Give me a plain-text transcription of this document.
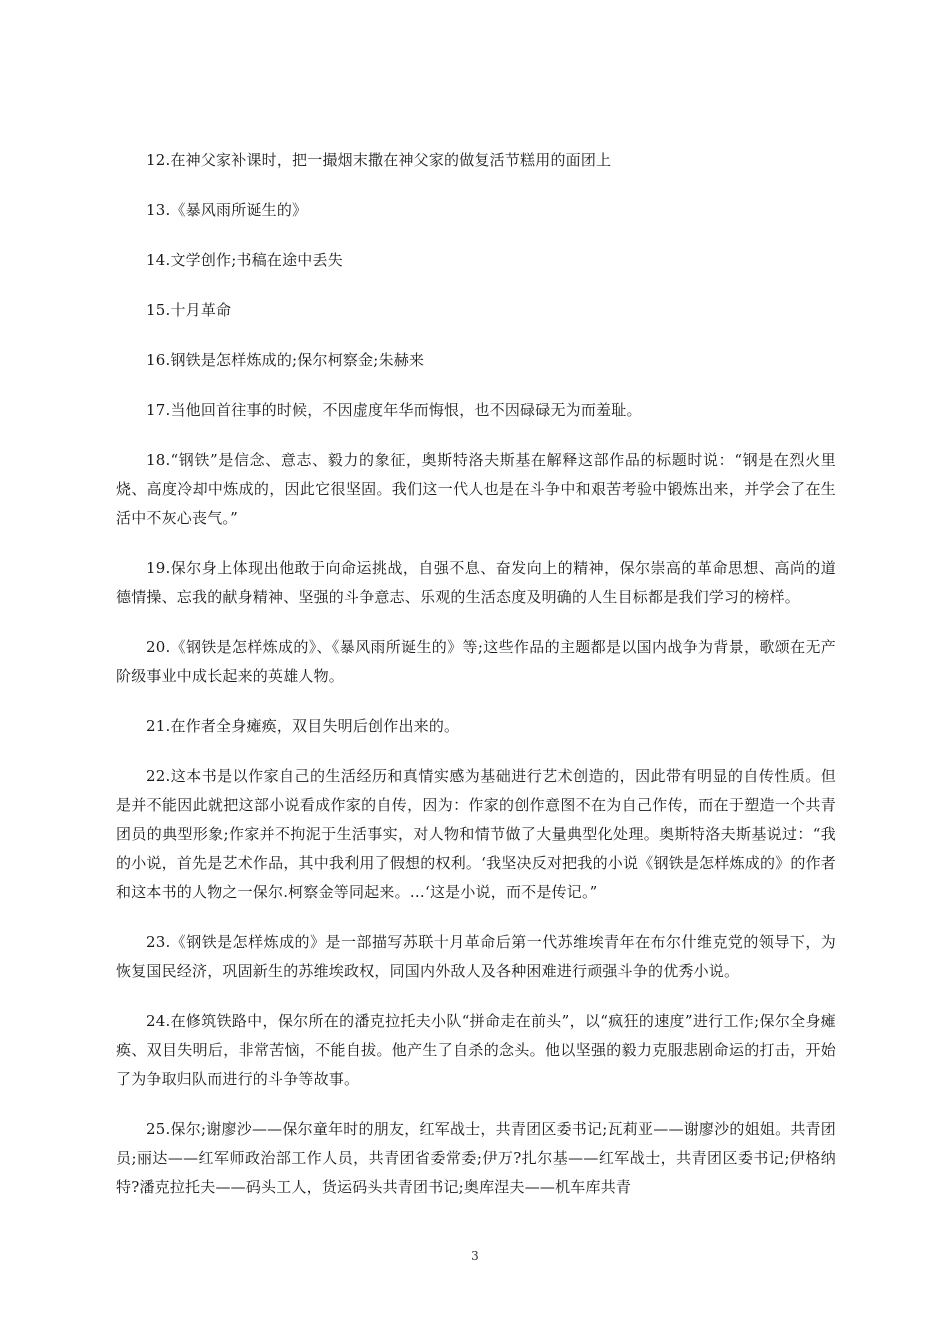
12.在神父家补课时，把一撮烟末撒在神父家的做复活节糕用的面团上

13.《暴风雨所诞生的》

14.文学创作;书稿在途中丢失

15.十月革命

16.钢铁是怎样炼成的;保尔柯察金;朱赫来

17.当他回首往事的时候，不因虚度年华而悔恨，也不因碌碌无为而羞耻。

18.“钢铁”是信念、意志、毅力的象征，奥斯特洛夫斯基在解释这部作品的标题时说：“钢是在烈火里烧、高度冷却中炼成的，因此它很坚固。我们这一代人也是在斗争中和艰苦考验中锻炼出来，并学会了在生活中不灰心丧气。”

19.保尔身上体现出他敢于向命运挑战，自强不息、奋发向上的精神，保尔崇高的革命思想、高尚的道德情操、忘我的献身精神、坚强的斗争意志、乐观的生活态度及明确的人生目标都是我们学习的榜样。

20.《钢铁是怎样炼成的》、《暴风雨所诞生的》等;这些作品的主题都是以国内战争为背景，歌颂在无产阶级事业中成长起来的英雄人物。

21.在作者全身瘫痪，双目失明后创作出来的。

22.这本书是以作家自己的生活经历和真情实感为基础进行艺术创造的，因此带有明显的自传性质。但是并不能因此就把这部小说看成作家的自传，因为：作家的创作意图不在为自己作传，而在于塑造一个共青团员的典型形象;作家并不拘泥于生活事实，对人物和情节做了大量典型化处理。奥斯特洛夫斯基说过：“我的小说，首先是艺术作品，其中我利用了假想的权利。‘我坚决反对把我的小说《钢铁是怎样炼成的》的作者和这本书的人物之一保尔.柯察金等同起来。…‘这是小说，而不是传记。”

23.《钢铁是怎样炼成的》是一部描写苏联十月革命后第一代苏维埃青年在布尔什维克党的领导下，为恢复国民经济，巩固新生的苏维埃政权，同国内外敌人及各种困难进行顽强斗争的优秀小说。

24.在修筑铁路中，保尔所在的潘克拉托夫小队“拼命走在前头”，以“疯狂的速度”进行工作;保尔全身瘫痪、双目失明后，非常苦恼，不能自拔。他产生了自杀的念头。他以坚强的毅力克服悲剧命运的打击，开始了为争取归队而进行的斗争等故事。

25.保尔;谢廖沙——保尔童年时的朋友，红军战士，共青团区委书记;瓦莉亚——谢廖沙的姐姐。共青团员;丽达——红军师政治部工作人员，共青团省委常委;伊万?扎尔基——红军战士，共青团区委书记;伊格纳特?潘克拉托夫——码头工人，货运码头共青团书记;奥库涅夫——机车库共青

3
